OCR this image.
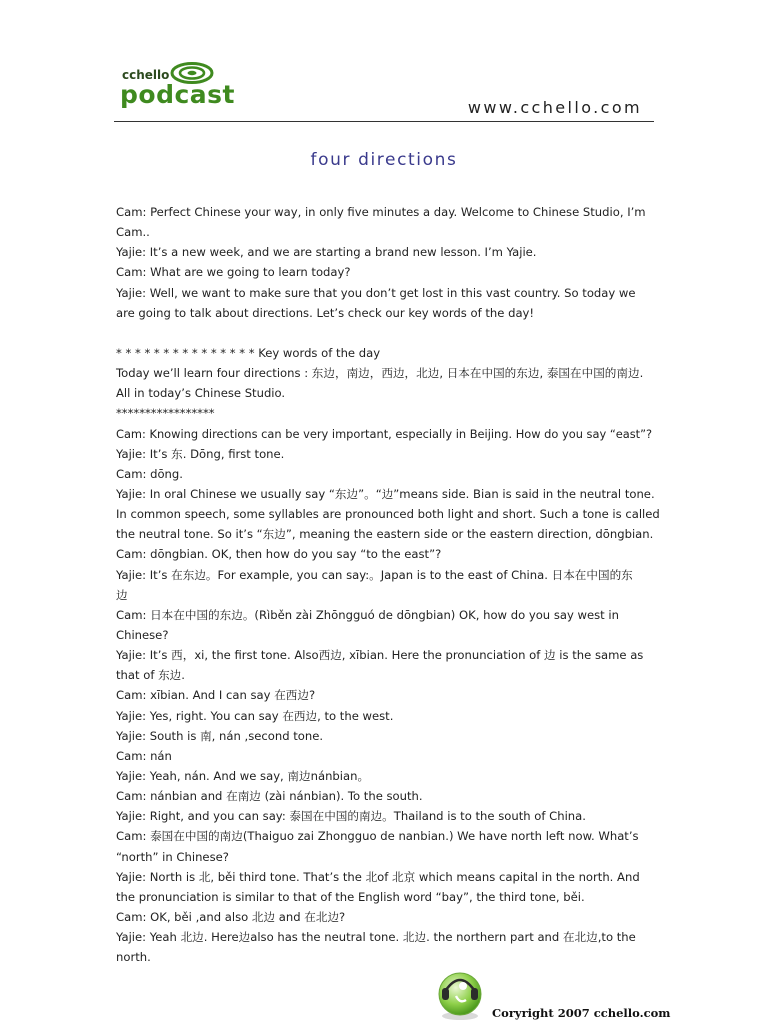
cchello
podcast	www.cchello.com
four directions
Cam: Perfect Chinese your way, in only five minutes a day. Welcome to Chinese Studio, I’m
Cam..
Yajie: It’s a new week, and we are starting a brand new lesson. I’m Yajie.
Cam: What are we going to learn today?
Yajie: Well, we want to make sure that you don’t get lost in this vast country. So today we
are going to talk about directions. Let’s check our key words of the day!
* * * * * * * * * * * * * * * Key words of the day
Today we’ll learn four directions : 东边，南边，西边，北边, 日本在中国的东边, 泰国在中国的南边.
All in today’s Chinese Studio.
*****************
Cam: Knowing directions can be very important, especially in Beijing. How do you say “east”?
Yajie: It’s 东. Dōng, first tone.
Cam: dōng.
Yajie: In oral Chinese we usually say “东边”。“边”means side. Bian is said in the neutral tone.
In common speech, some syllables are pronounced both light and short. Such a tone is called
the neutral tone. So it’s “东边”, meaning the eastern side or the eastern direction, dōngbian.
Cam: dōngbian. OK, then how do you say “to the east”?
Yajie: It’s 在东边。For example, you can say:。Japan is to the east of China. 日本在中国的东
边
Cam: 日本在中国的东边。(Rìběn zài Zhōngguó de dōngbian) OK, how do you say west in
Chinese?
Yajie: It’s 西，xi, the first tone. Also西边, xībian. Here the pronunciation of 边 is the same as
that of 东边.
Cam: xībian. And I can say 在西边?
Yajie: Yes, right. You can say 在西边, to the west.
Yajie: South is 南, nán ,second tone.
Cam: nán
Yajie: Yeah, nán. And we say, 南边nánbian。
Cam: nánbian and 在南边 (zài nánbian). To the south.
Yajie: Right, and you can say: 泰国在中国的南边。Thailand is to the south of China.
Cam: 泰国在中国的南边(Thaiguo zai Zhongguo de nanbian.) We have north left now. What’s
“north” in Chinese?
Yajie: North is 北, běi third tone. That’s the 北of 北京 which means capital in the north. And
the pronunciation is similar to that of the English word “bay”, the third tone, běi.
Cam: OK, běi ,and also 北边 and 在北边?
Yajie: Yeah 北边. Here边also has the neutral tone. 北边. the northern part and 在北边,to the
north.
Coryright 2007 cchello.com
